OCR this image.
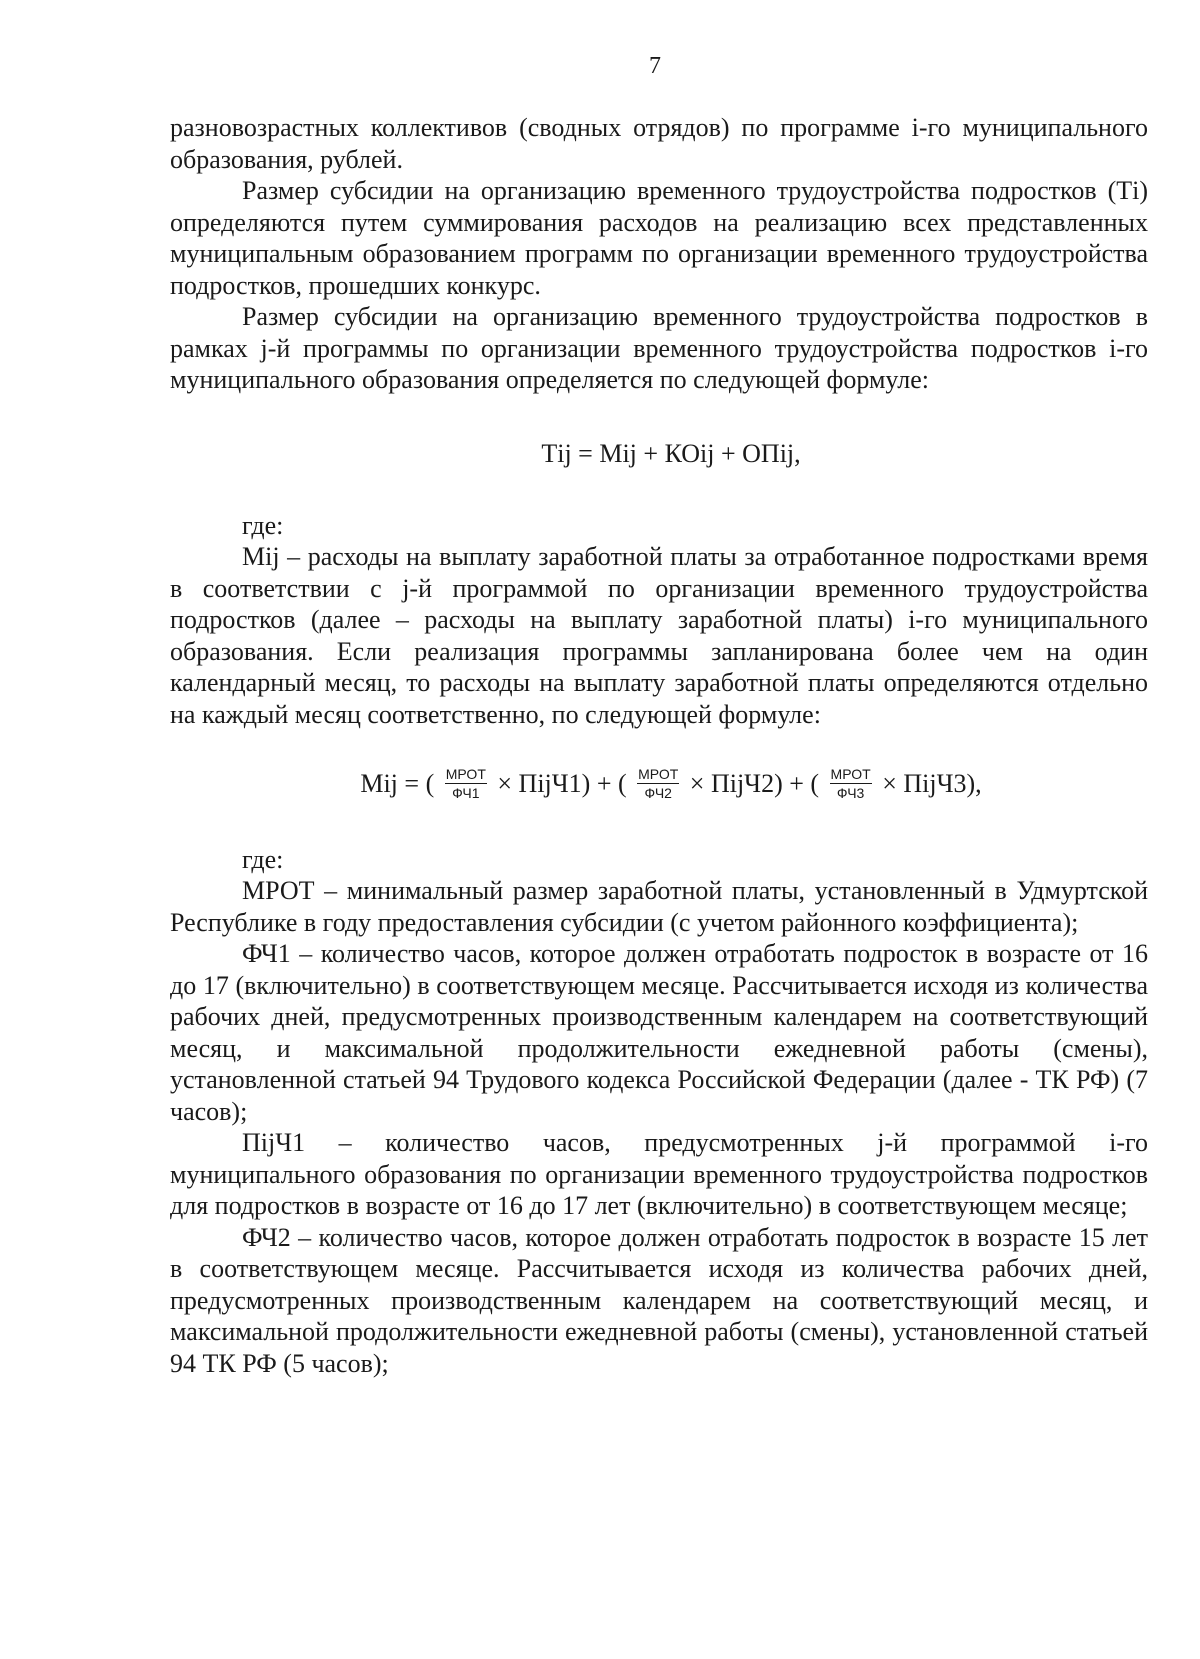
7

разновозрастных коллективов (сводных отрядов) по программе i-го муниципального образования, рублей.

Размер субсидии на организацию временного трудоустройства подростков (Тi) определяются путем суммирования расходов на реализацию всех представленных муниципальным образованием программ по организации временного трудоустройства подростков, прошедших конкурс.

Размер субсидии на организацию временного трудоустройства подростков в рамках j-й программы по организации временного трудоустройства подростков i-го муниципального образования определяется по следующей формуле:

Тij = Мij + КОij + ОПij,

где:

Мij – расходы на выплату заработной платы за отработанное подростками время в соответствии с j-й программой по организации временного трудоустройства подростков (далее – расходы на выплату заработной платы) i-го муниципального образования. Если реализация программы запланирована более чем на один календарный месяц, то расходы на выплату заработной платы определяются отдельно на каждый месяц соответственно, по следующей формуле:

Мij = ( $\frac{\text{МРОТ}}{ФЧ1}$ × ПijЧ1) + ( $\frac{\text{МРОТ}}{ФЧ2}$ × ПijЧ2) + ( $\frac{\text{МРОТ}}{ФЧ3}$ × ПijЧ3),

где:

МРОТ – минимальный размер заработной платы, установленный в Удмуртской Республике в году предоставления субсидии (с учетом районного коэффициента);

ФЧ1 – количество часов, которое должен отработать подросток в возрасте от 16 до 17 (включительно) в соответствующем месяце. Рассчитывается исходя из количества рабочих дней, предусмотренных производственным календарем на соответствующий месяц, и максимальной продолжительности ежедневной работы (смены), установленной статьей 94 Трудового кодекса Российской Федерации (далее - ТК РФ) (7 часов);

ПijЧ1 – количество часов, предусмотренных j-й программой i-го муниципального образования по организации временного трудоустройства подростков для подростков в возрасте от 16 до 17 лет (включительно) в соответствующем месяце;

ФЧ2 – количество часов, которое должен отработать подросток в возрасте 15 лет в соответствующем месяце. Рассчитывается исходя из количества рабочих дней, предусмотренных производственным календарем на соответствующий месяц, и максимальной продолжительности ежедневной работы (смены), установленной статьей 94 ТК РФ (5 часов);
